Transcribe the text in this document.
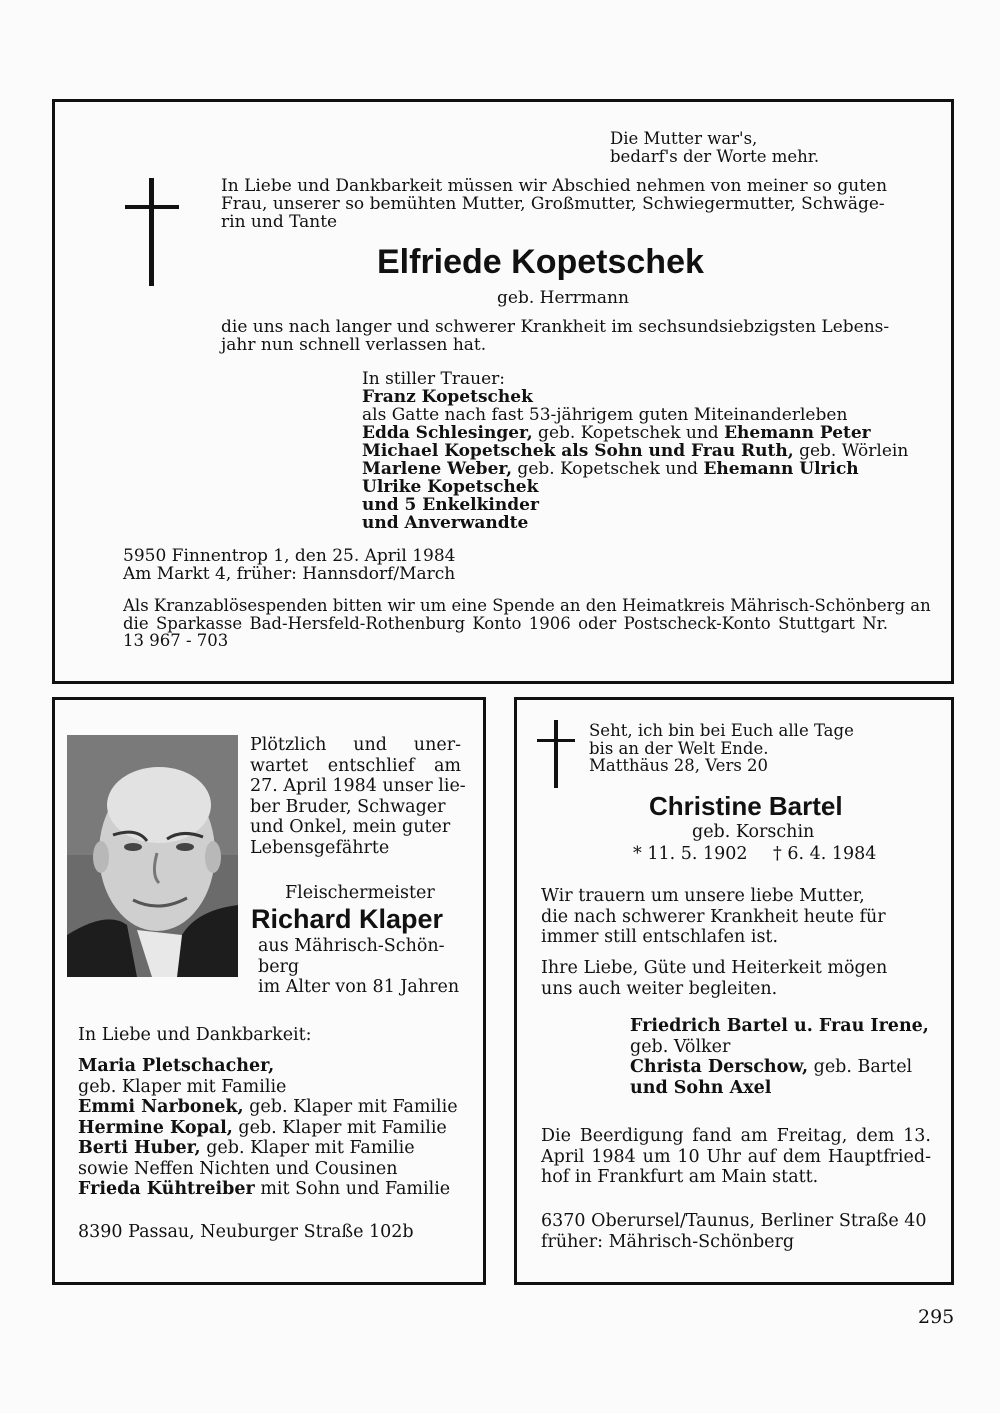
Die Mutter war's,
bedarf's der Worte mehr.
In Liebe und Dankbarkeit müssen wir Abschied nehmen von meiner so guten
Frau, unserer so bemühten Mutter, Großmutter, Schwiegermutter, Schwäge-
rin und Tante
Elfriede Kopetschek
geb. Herrmann
die uns nach langer und schwerer Krankheit im sechsundsiebzigsten Lebens-
jahr nun schnell verlassen hat.
In stiller Trauer:
Franz Kopetschek
als Gatte nach fast 53-jährigem guten Miteinanderleben
Edda Schlesinger, geb. Kopetschek und Ehemann Peter
Michael Kopetschek als Sohn und Frau Ruth, geb. Wörlein
Marlene Weber, geb. Kopetschek und Ehemann Ulrich
Ulrike Kopetschek
und 5 Enkelkinder
und Anverwandte
5950 Finnentrop 1, den 25. April 1984
Am Markt 4, früher: Hannsdorf/March
Als Kranzablösespenden bitten wir um eine Spende an den Heimatkreis Mährisch-Schönberg an
die Sparkasse Bad-Hersfeld-Rothenburg Konto 1906 oder Postscheck-Konto Stuttgart Nr.
13 967 - 703
Plötzlich und uner-
wartet entschlief am
27. April 1984 unser lie-
ber Bruder, Schwager
und Onkel, mein guter
Lebensgefährte
Fleischermeister
Richard Klaper
aus Mährisch-Schön-
berg
im Alter von 81 Jahren
In Liebe und Dankbarkeit:
Maria Pletschacher,
geb. Klaper mit Familie
Emmi Narbonek, geb. Klaper mit Familie
Hermine Kopal, geb. Klaper mit Familie
Berti Huber, geb. Klaper mit Familie
sowie Neffen Nichten und Cousinen
Frieda Kühtreiber mit Sohn und Familie
8390 Passau, Neuburger Straße 102b
Seht, ich bin bei Euch alle Tage
bis an der Welt Ende.
Matthäus 28, Vers 20
Christine Bartel
geb. Korschin
* 11. 5. 1902 † 6. 4. 1984
Wir trauern um unsere liebe Mutter,
die nach schwerer Krankheit heute für
immer still entschlafen ist.
Ihre Liebe, Güte und Heiterkeit mögen
uns auch weiter begleiten.
Friedrich Bartel u. Frau Irene,
geb. Völker
Christa Derschow, geb. Bartel
und Sohn Axel
Die Beerdigung fand am Freitag, dem 13.
April 1984 um 10 Uhr auf dem Hauptfried-
hof in Frankfurt am Main statt.
6370 Oberursel/Taunus, Berliner Straße 40
früher: Mährisch-Schönberg
295
